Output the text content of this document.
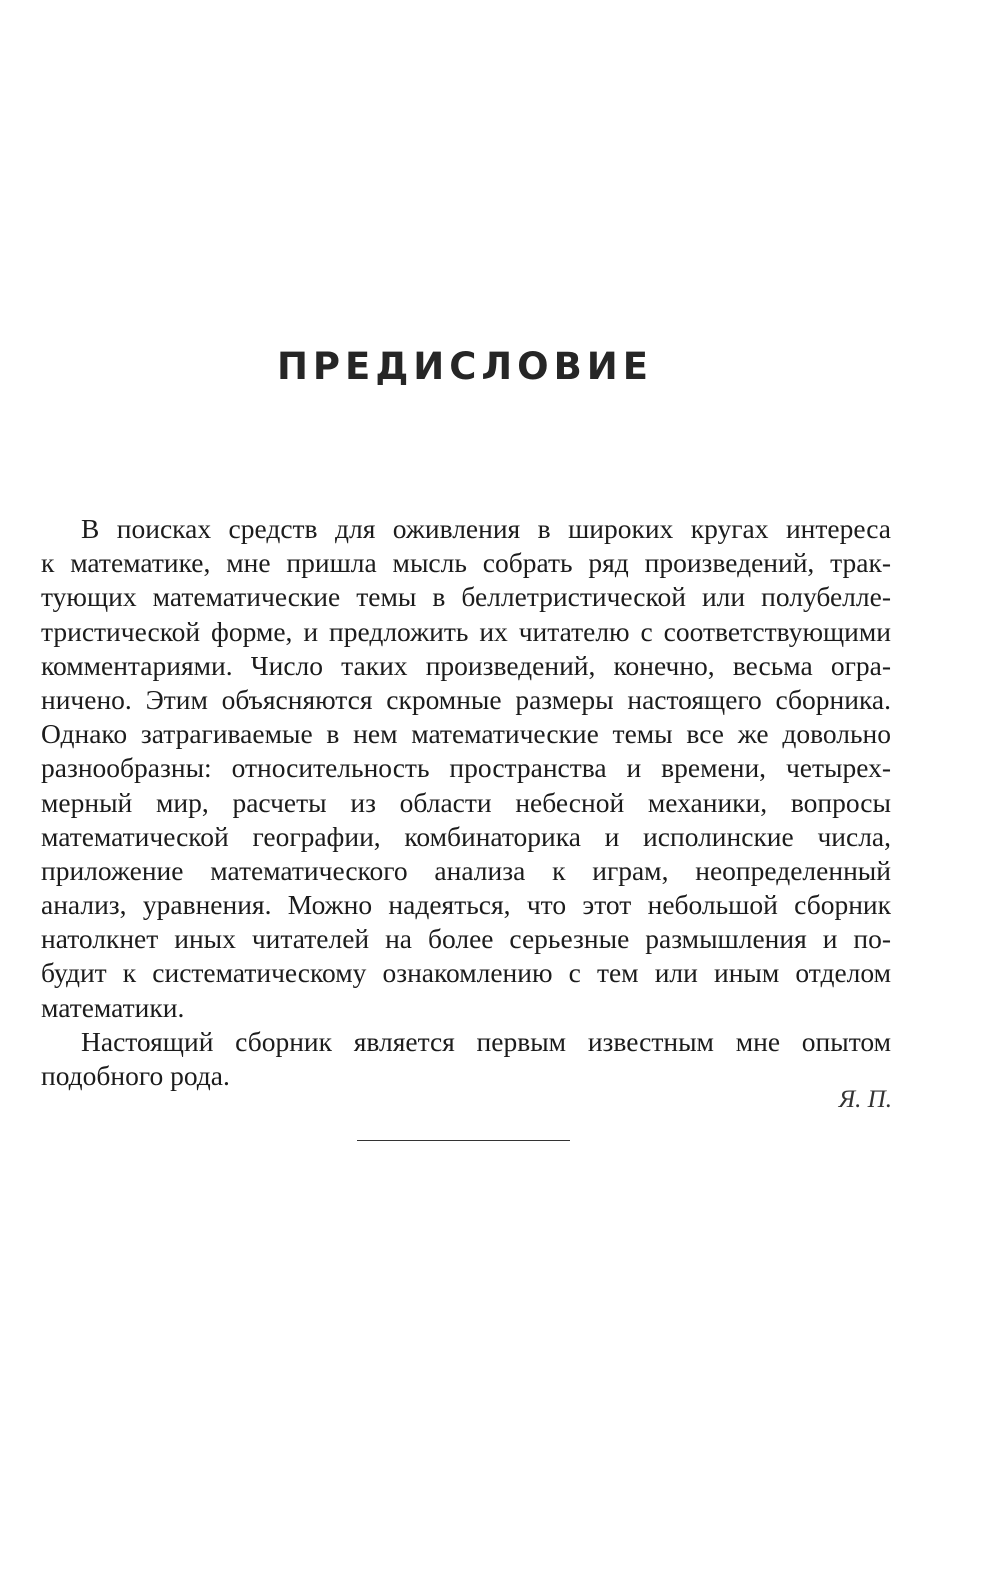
ПРЕДИСЛОВИЕ
В поисках средств для оживления в широких кругах интереса
к математике, мне пришла мысль собрать ряд произведений, трак-
тующих математические темы в беллетристической или полубелле-
тристической форме, и предложить их читателю с соответствующими
комментариями. Число таких произведений, конечно, весьма огра-
ничено. Этим объясняются скромные размеры настоящего сборника.
Однако затрагиваемые в нем математические темы все же довольно
разнообразны: относительность пространства и времени, четырех-
мерный мир, расчеты из области небесной механики, вопросы
математической географии, комбинаторика и исполинские числа,
приложение математического анализа к играм, неопределенный
анализ, уравнения. Можно надеяться, что этот небольшой сборник
натолкнет иных читателей на более серьезные размышления и по-
будит к систематическому ознакомлению с тем или иным отделом
математики.
Настоящий сборник является первым известным мне опытом
подобного рода.
Я. П.
